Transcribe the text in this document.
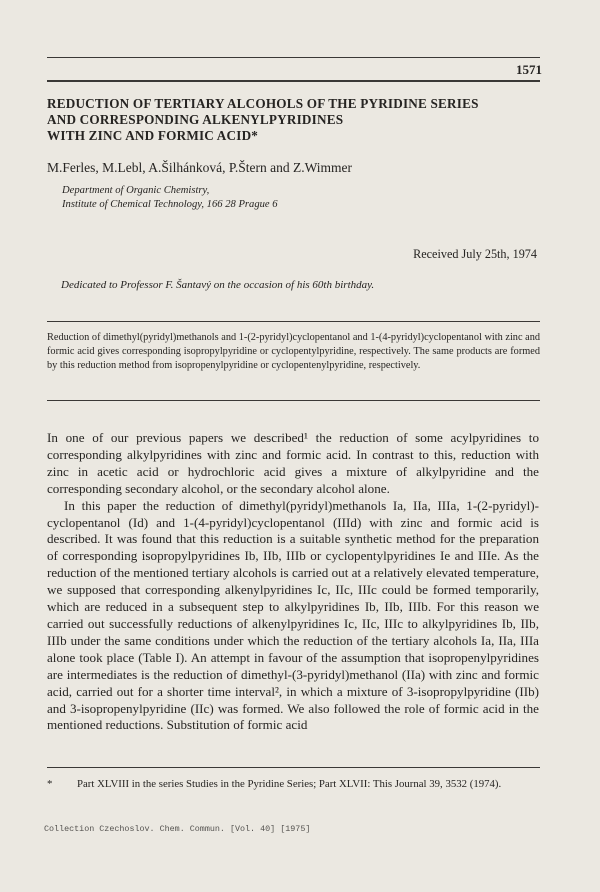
1571
REDUCTION OF TERTIARY ALCOHOLS OF THE PYRIDINE SERIES
AND CORRESPONDING ALKENYLPYRIDINES
WITH ZINC AND FORMIC ACID*
M.Ferles, M.Lebl, A.Šilhánková, P.Štern and Z.Wimmer
Department of Organic Chemistry,
Institute of Chemical Technology, 166 28 Prague 6
Received July 25th, 1974
Dedicated to Professor F. Šantavý on the occasion of his 60th birthday.
Reduction of dimethyl(pyridyl)methanols and 1-(2-pyridyl)cyclopentanol and 1-(4-pyridyl)cyclopentanol with zinc and formic acid gives corresponding isopropylpyridine or cyclopentylpyridine, respectively. The same products are formed by this reduction method from isopropenylpyridine or cyclopentenylpyridine, respectively.

In one of our previous papers we described¹ the reduction of some acylpyridines to corresponding alkylpyridines with zinc and formic acid. In contrast to this, reduction with zinc in acetic acid or hydrochloric acid gives a mixture of alkylpyridine and the corresponding secondary alcohol, or the secondary alcohol alone.

In this paper the reduction of dimethyl(pyridyl)methanols Ia, IIa, IIIa, 1-(2-pyridyl)-cyclopentanol (Id) and 1-(4-pyridyl)cyclopentanol (IIId) with zinc and formic acid is described. It was found that this reduction is a suitable synthetic method for the preparation of corresponding isopropylpyridines Ib, IIb, IIIb or cyclopentylpyridines Ie and IIIe. As the reduction of the mentioned tertiary alcohols is carried out at a relatively elevated temperature, we supposed that corresponding alkenylpyridines Ic, IIc, IIIc could be formed temporarily, which are reduced in a subsequent step to alkylpyridines Ib, IIb, IIIb. For this reason we carried out successfully reductions of alkenylpyridines Ic, IIc, IIIc to alkylpyridines Ib, IIb, IIIb under the same conditions under which the reduction of the tertiary alcohols Ia, IIa, IIIa alone took place (Table I). An attempt in favour of the assumption that isopropenylpyridines are intermediates is the reduction of dimethyl-(3-pyridyl)methanol (IIa) with zinc and formic acid, carried out for a shorter time interval², in which a mixture of 3-isopropylpyridine (IIb) and 3-isopropenylpyridine (IIc) was formed. We also followed the role of formic acid in the mentioned reductions. Substitution of formic acid

* Part XLVIII in the series Studies in the Pyridine Series; Part XLVII: This Journal 39, 3532 (1974).
Collection Czechoslov. Chem. Commun. [Vol. 40] [1975]
